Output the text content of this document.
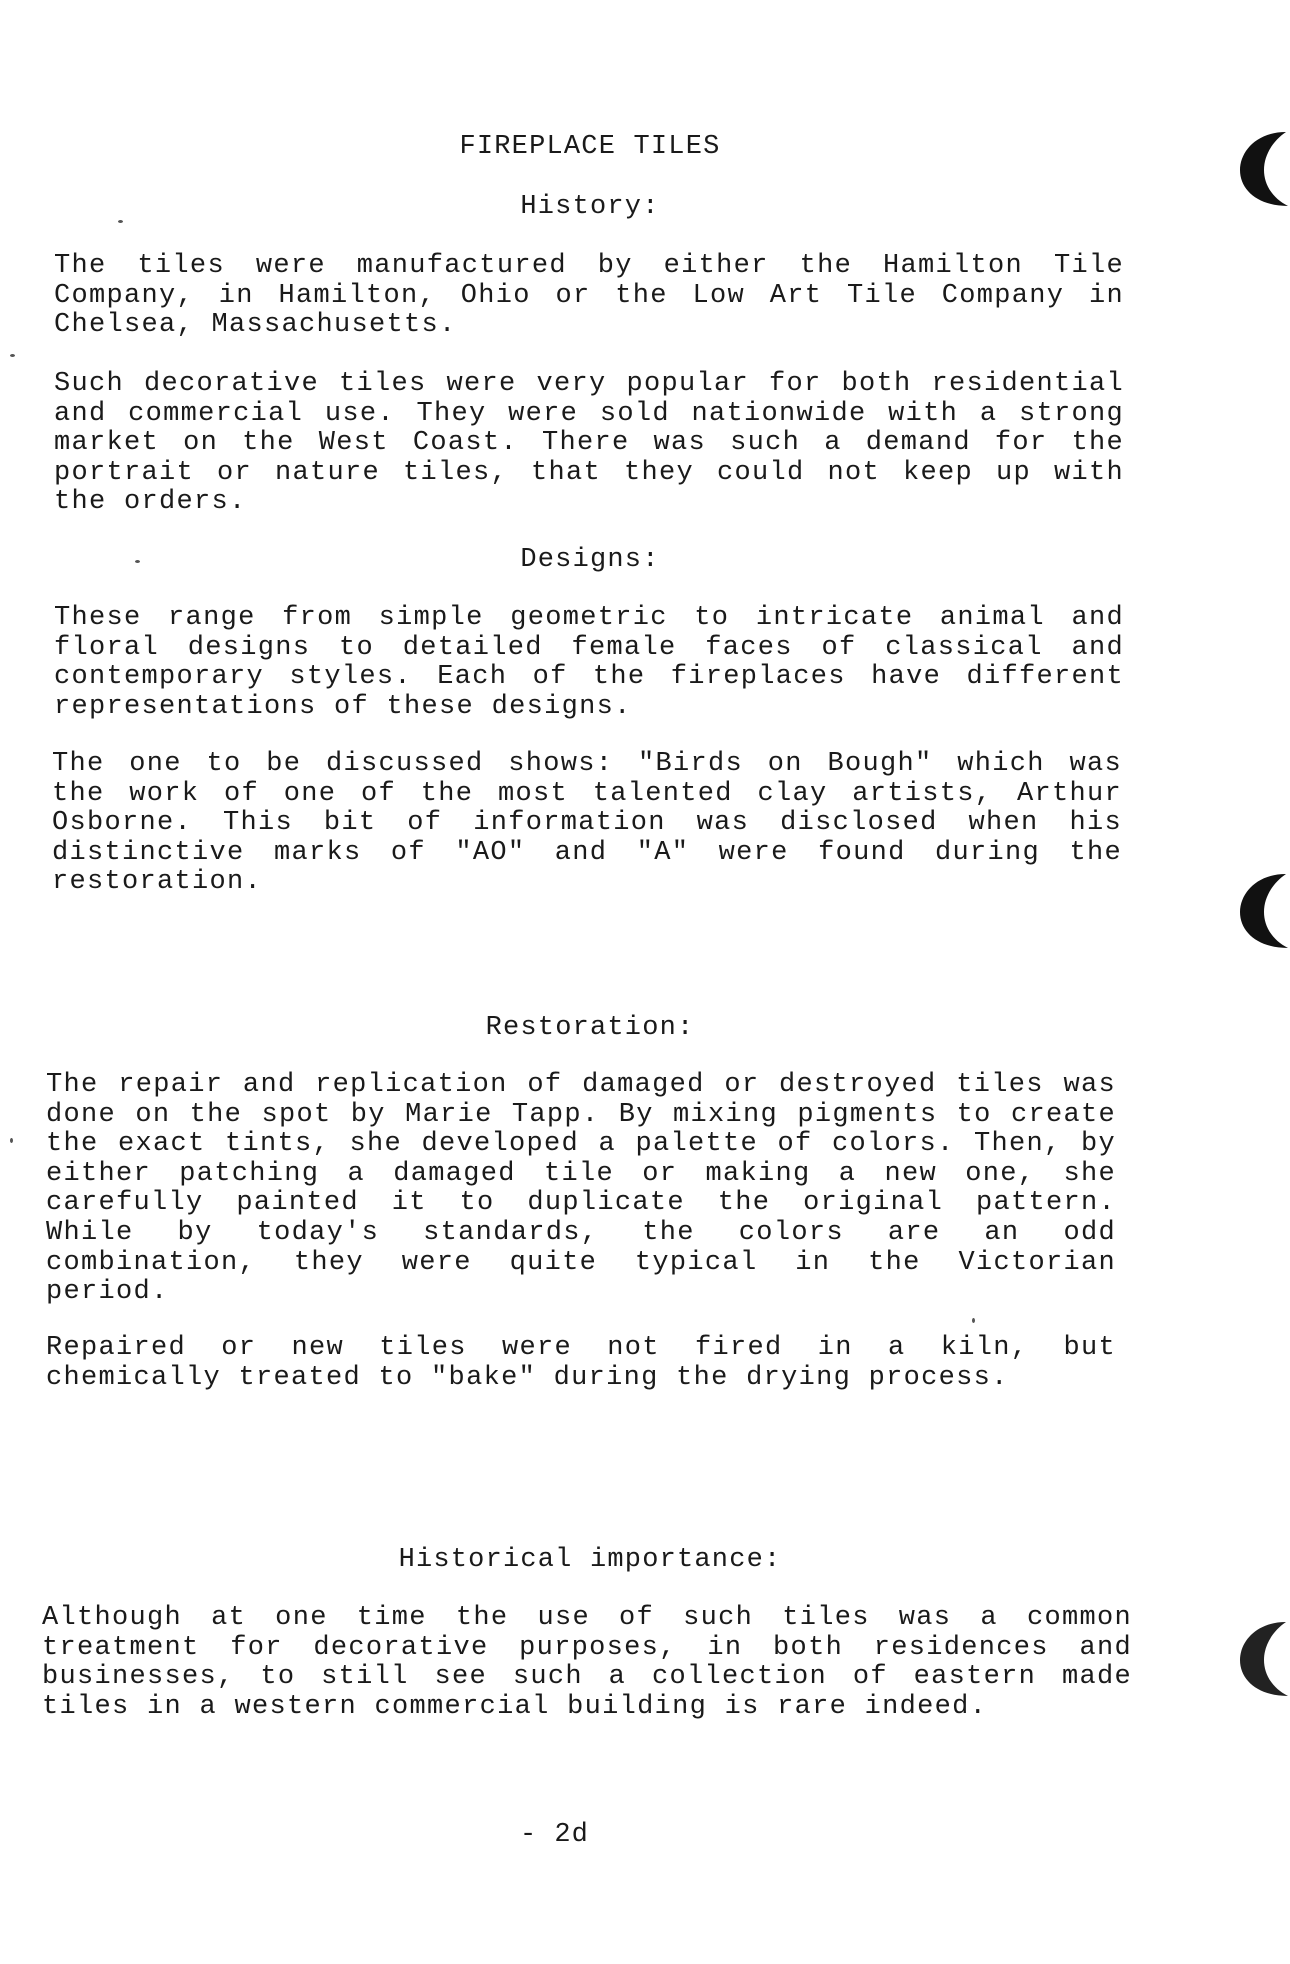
FIREPLACE TILES
History:
The tiles were manufactured by either the Hamilton Tile
Company, in Hamilton, Ohio or the Low Art Tile Company in
Chelsea, Massachusetts.
Such decorative tiles were very popular for both residential
and commercial use. They were sold nationwide with a strong
market on the West Coast. There was such a demand for the
portrait or nature tiles, that they could not keep up with
the orders.
Designs:
These range from simple geometric to intricate animal and
floral designs to detailed female faces of classical and
contemporary styles. Each of the fireplaces have different
representations of these designs.
The one to be discussed shows: "Birds on Bough" which was
the work of one of the most talented clay artists, Arthur
Osborne. This bit of information was disclosed when his
distinctive marks of "AO" and "A" were found during the
restoration.
Restoration:
The repair and replication of damaged or destroyed tiles was
done on the spot by Marie Tapp. By mixing pigments to create
the exact tints, she developed a palette of colors. Then, by
either patching a damaged tile or making a new one, she
carefully painted it to duplicate the original pattern.
While by today's standards, the colors are an odd
combination, they were quite typical in the Victorian
period.
Repaired or new tiles were not fired in a kiln, but
chemically treated to "bake" during the drying process.
Historical importance:
Although at one time the use of such tiles was a common
treatment for decorative purposes, in both residences and
businesses, to still see such a collection of eastern made
tiles in a western commercial building is rare indeed.
- 2d
